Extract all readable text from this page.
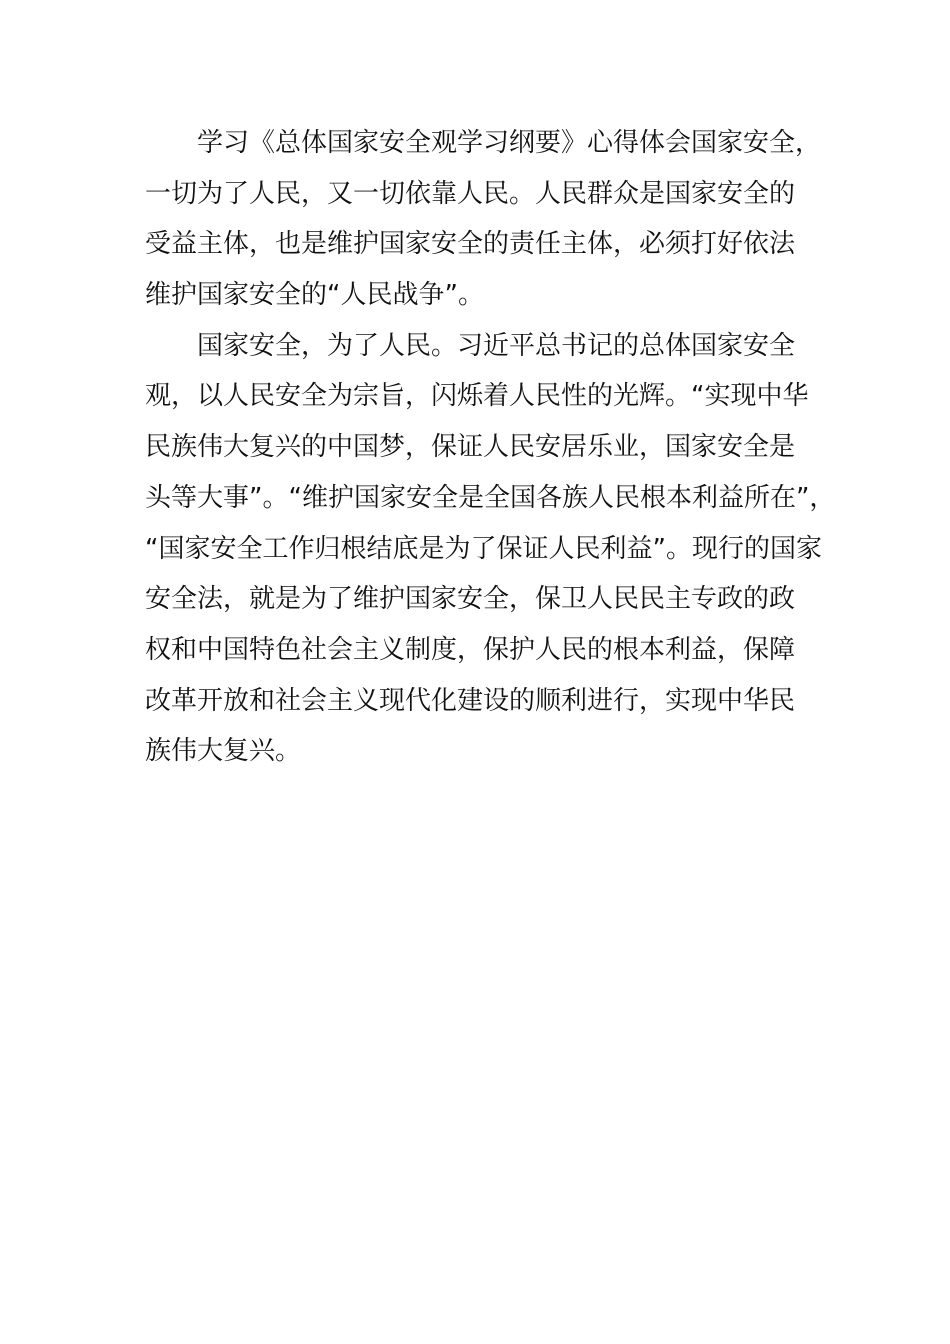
学习《总体国家安全观学习纲要》心得体会国家安全，
一切为了人民，又一切依靠人民。人民群众是国家安全的
受益主体，也是维护国家安全的责任主体，必须打好依法
维护国家安全的“人民战争”。

国家安全，为了人民。习近平总书记的总体国家安全
观，以人民安全为宗旨，闪烁着人民性的光辉。“实现中华
民族伟大复兴的中国梦，保证人民安居乐业，国家安全是
头等大事”。“维护国家安全是全国各族人民根本利益所在”，
“国家安全工作归根结底是为了保证人民利益”。现行的国家
安全法，就是为了维护国家安全，保卫人民民主专政的政
权和中国特色社会主义制度，保护人民的根本利益，保障
改革开放和社会主义现代化建设的顺利进行，实现中华民
族伟大复兴。
